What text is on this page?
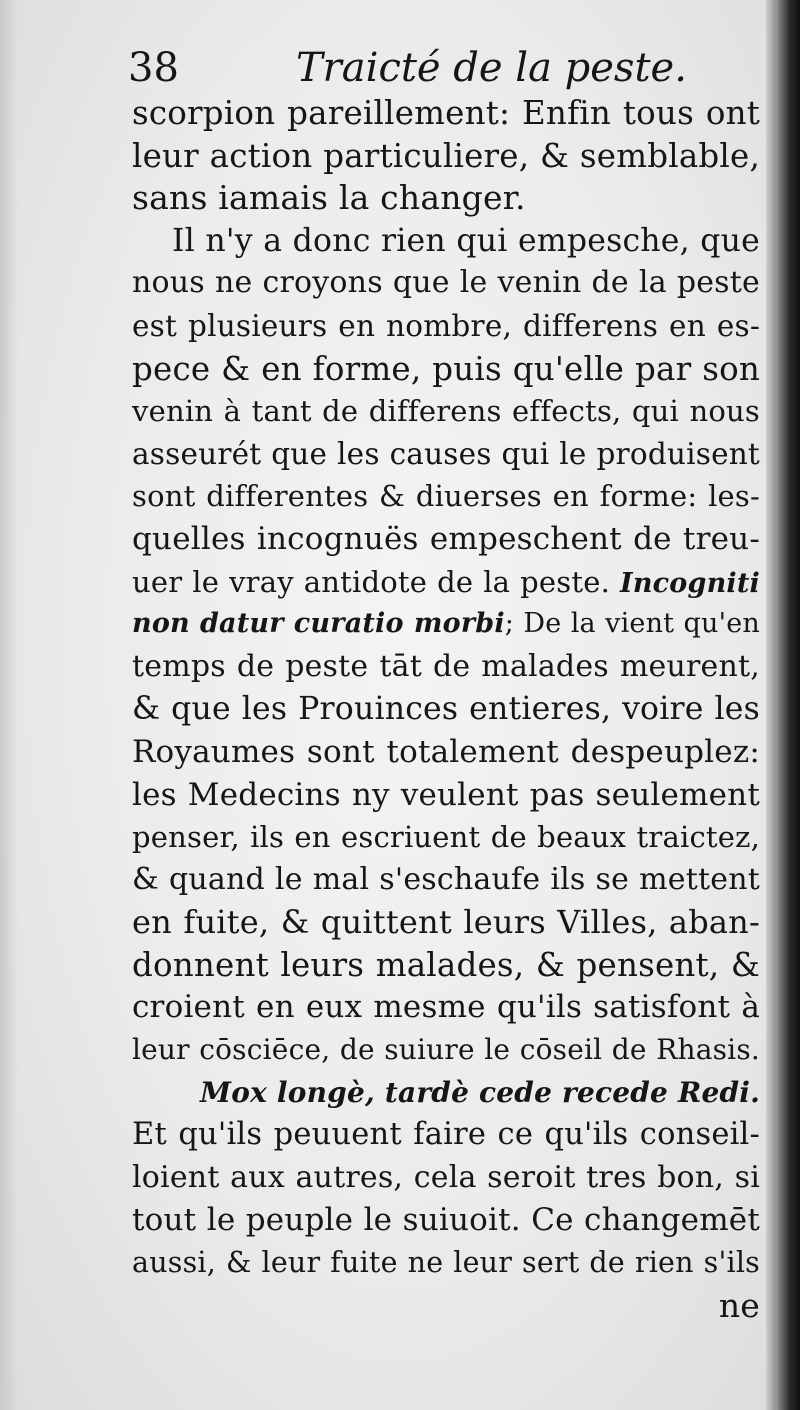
38	Traicté de la peste.
scorpion pareillement: Enfin tous ont
leur action particuliere, & semblable,
sans iamais la changer.
Il n'y a donc rien qui empesche, que
nous ne croyons que le venin de la peste
est plusieurs en nombre, differens en es-
pece & en forme, puis qu'elle par son
venin à tant de differens effects, qui nous
asseurét que les causes qui le produisent
sont differentes & diuerses en forme: les-
quelles incognuës empeschent de treu-
uer le vray antidote de la peste. Incogniti
non datur curatio morbi; De la vient qu'en
temps de peste tāt de malades meurent,
& que les Prouinces entieres, voire les
Royaumes sont totalement despeuplez:
les Medecins ny veulent pas seulement
penser, ils en escriuent de beaux traictez,
& quand le mal s'eschaufe ils se mettent
en fuite, & quittent leurs Villes, aban-
donnent leurs malades, & pensent, &
croient en eux mesme qu'ils satisfont à
leur cōsciēce, de suiure le cōseil de Rhasis.
Mox longè, tardè cede recede Redi.
Et qu'ils peuuent faire ce qu'ils conseil-
loient aux autres, cela seroit tres bon, si
tout le peuple le suiuoit. Ce changemēt
aussi, & leur fuite ne leur sert de rien s'ils
ne
